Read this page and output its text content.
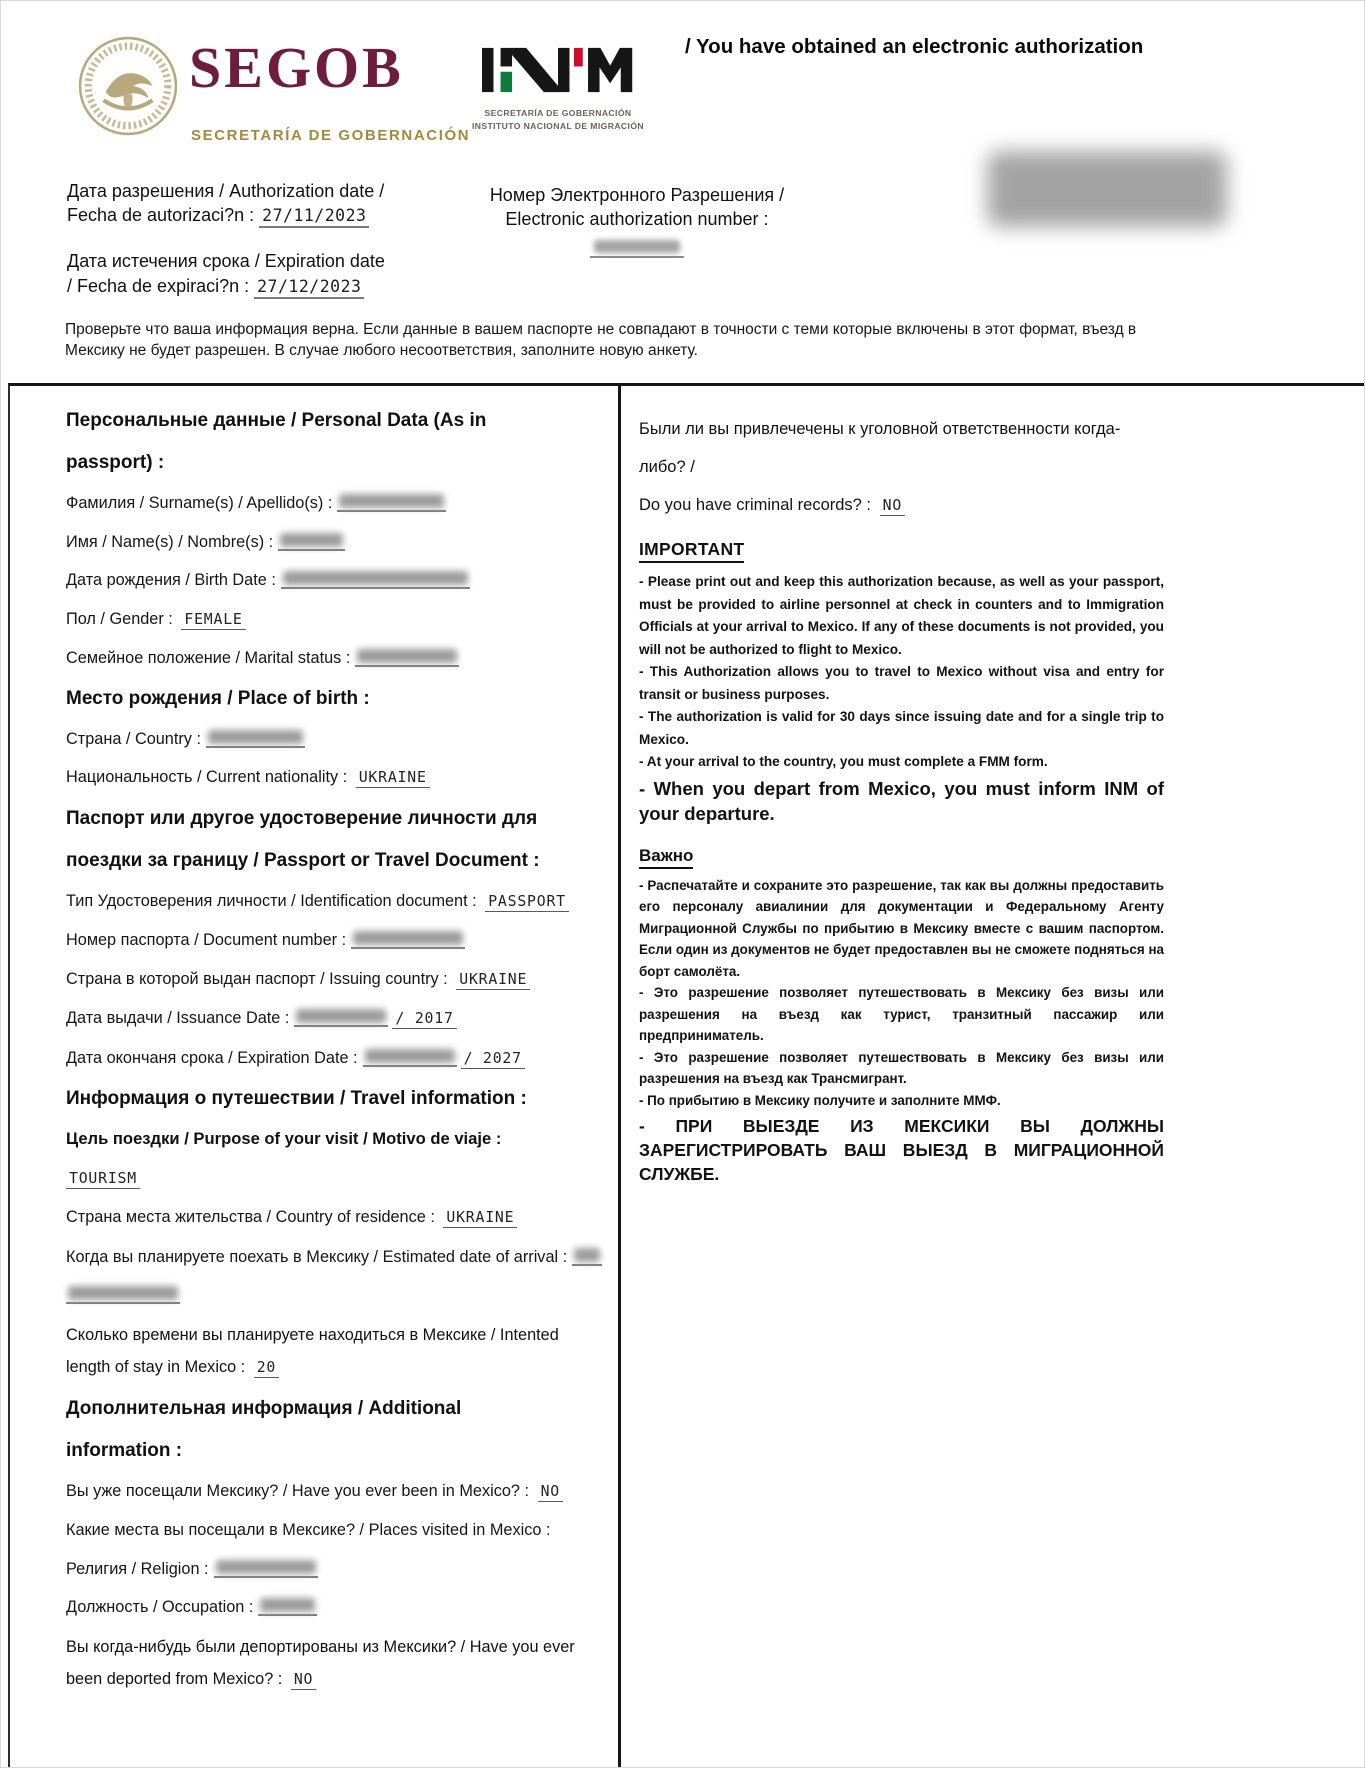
SEGOB
SECRETARÍA DE GOBERNACIÓN
SECRETARÍA DE GOBERNACIÓN
INSTITUTO NACIONAL DE MIGRACIÓN
/ You have obtained an electronic authorization
Дата разрешения / Authorization date /
Fecha de autorizaci?n : 27/11/2023
Номер Электронного Разрешения /
Electronic authorization number :
Дата истечения срока / Expiration date
/ Fecha de expiraci?n : 27/12/2023

Проверьте что ваша информация верна. Если данные в вашем паспорте не совпадают в точности с теми которые включены в этот формат, въезд в Мексику не будет разрешен. В случае любого несоответствия, заполните новую анкету.

Персональные данные / Personal Data (As in passport) :
Фамилия / Surname(s) / Apellido(s) :
Имя / Name(s) / Nombre(s) :
Дата рождения / Birth Date :
Пол / Gender : FEMALE
Семейное положение / Marital status :
Место рождения / Place of birth :
Страна / Country :
Национальность / Current nationality : UKRAINE
Паспорт или другое удостоверение личности для поездки за границу / Passport or Travel Document :
Тип Удостоверения личности / Identification document : PASSPORT
Номер паспорта / Document number :
Страна в которой выдан паспорт / Issuing country : UKRAINE
Дата выдачи / Issuance Date :	/ 2017
Дата окончаня срока / Expiration Date :	/ 2027
Информация о путешествии / Travel information :
Цель поездки / Purpose of your visit / Motivo de viaje :
TOURISM
Страна места жительства / Country of residence : UKRAINE
Когда вы планируете поехать в Мексику / Estimated date of arrival :
Сколько времени вы планируете находиться в Мексике / Intented length of stay in Mexico : 20
Дополнительная информация / Additional information :
Вы уже посещали Мексику? / Have you ever been in Mexico? : NO
Какие места вы посещали в Мексике? / Places visited in Mexico :
Религия / Religion :
Должность / Occupation :
Вы когда-нибудь были депортированы из Мексики? / Have you ever been deported from Mexico? : NO
Были ли вы привлечечены к уголовной ответственности когда-либо? /
Do you have criminal records? : NO
IMPORTANT

- Please print out and keep this authorization because, as well as your passport, must be provided to airline personnel at check in counters and to Immigration Officials at your arrival to Mexico. If any of these documents is not provided, you will not be authorized to flight to Mexico.

- This Authorization allows you to travel to Mexico without visa and entry for transit or business purposes.

- The authorization is valid for 30 days since issuing date and for a single trip to Mexico.

- At your arrival to the country, you must complete a FMM form.

- When you depart from Mexico, you must inform INM of your departure.

Важно

- Распечатайте и сохраните это разрешение, так как вы должны предоставить его персоналу авиалинии для документации и Федеральному Агенту Миграционной Службы по прибытию в Мексику вместе с вашим паспортом. Если один из документов не будет предоставлен вы не сможете подняться на борт самолёта.

- Это разрешение позволяет путешествовать в Мексику без визы или разрешения на въезд как турист, транзитный пассажир или предприниматель.

- Это разрешение позволяет путешествовать в Мексику без визы или разрешения на въезд как Трансмигрант.

- По прибытию в Мексику получите и заполните ММФ.

- ПРИ ВЫЕЗДЕ ИЗ МЕКСИКИ ВЫ ДОЛЖНЫ ЗАРЕГИСТРИРОВАТЬ ВАШ ВЫЕЗД В МИГРАЦИОННОЙ СЛУЖБЕ.
